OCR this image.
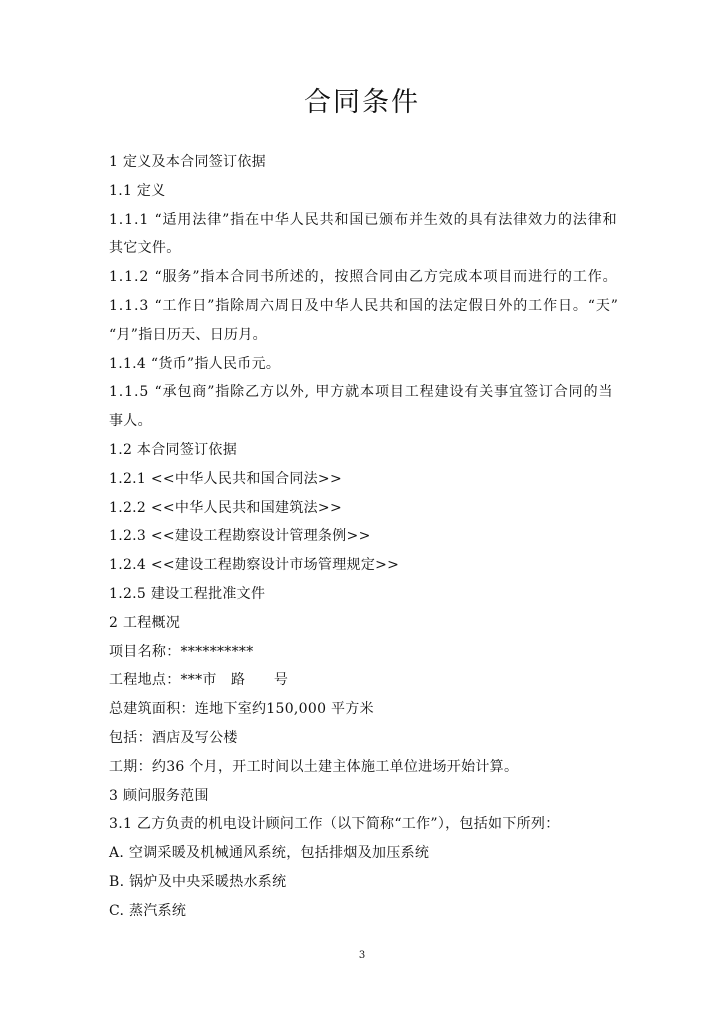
合同条件
1 定义及本合同签订依据
1.1 定义
1.1.1 “适用法律”指在中华人民共和国已颁布并生效的具有法律效力的法律和
其它文件。
1.1.2 “服务”指本合同书所述的，按照合同由乙方完成本项目而进行的工作。
1.1.3 “工作日”指除周六周日及中华人民共和国的法定假日外的工作日。“天”
“月”指日历天、日历月。
1.1.4 “货币”指人民币元。
1.1.5 “承包商”指除乙方以外, 甲方就本项目工程建设有关事宜签订合同的当
事人。
1.2 本合同签订依据
1.2.1 <<中华人民共和国合同法>>
1.2.2 <<中华人民共和国建筑法>>
1.2.3 <<建设工程勘察设计管理条例>>
1.2.4 <<建设工程勘察设计市场管理规定>>
1.2.5 建设工程批准文件
2 工程概况
项目名称：**********
工程地点：***市　路　　号
总建筑面积：连地下室约150,000 平方米
包括：酒店及写公楼
工期：约36 个月，开工时间以土建主体施工单位进场开始计算。
3 顾问服务范围
3.1 乙方负责的机电设计顾问工作（以下简称“工作”），包括如下所列：
A. 空调采暖及机械通风系统，包括排烟及加压系统
B. 锅炉及中央采暖热水系统
C. 蒸汽系统
3
